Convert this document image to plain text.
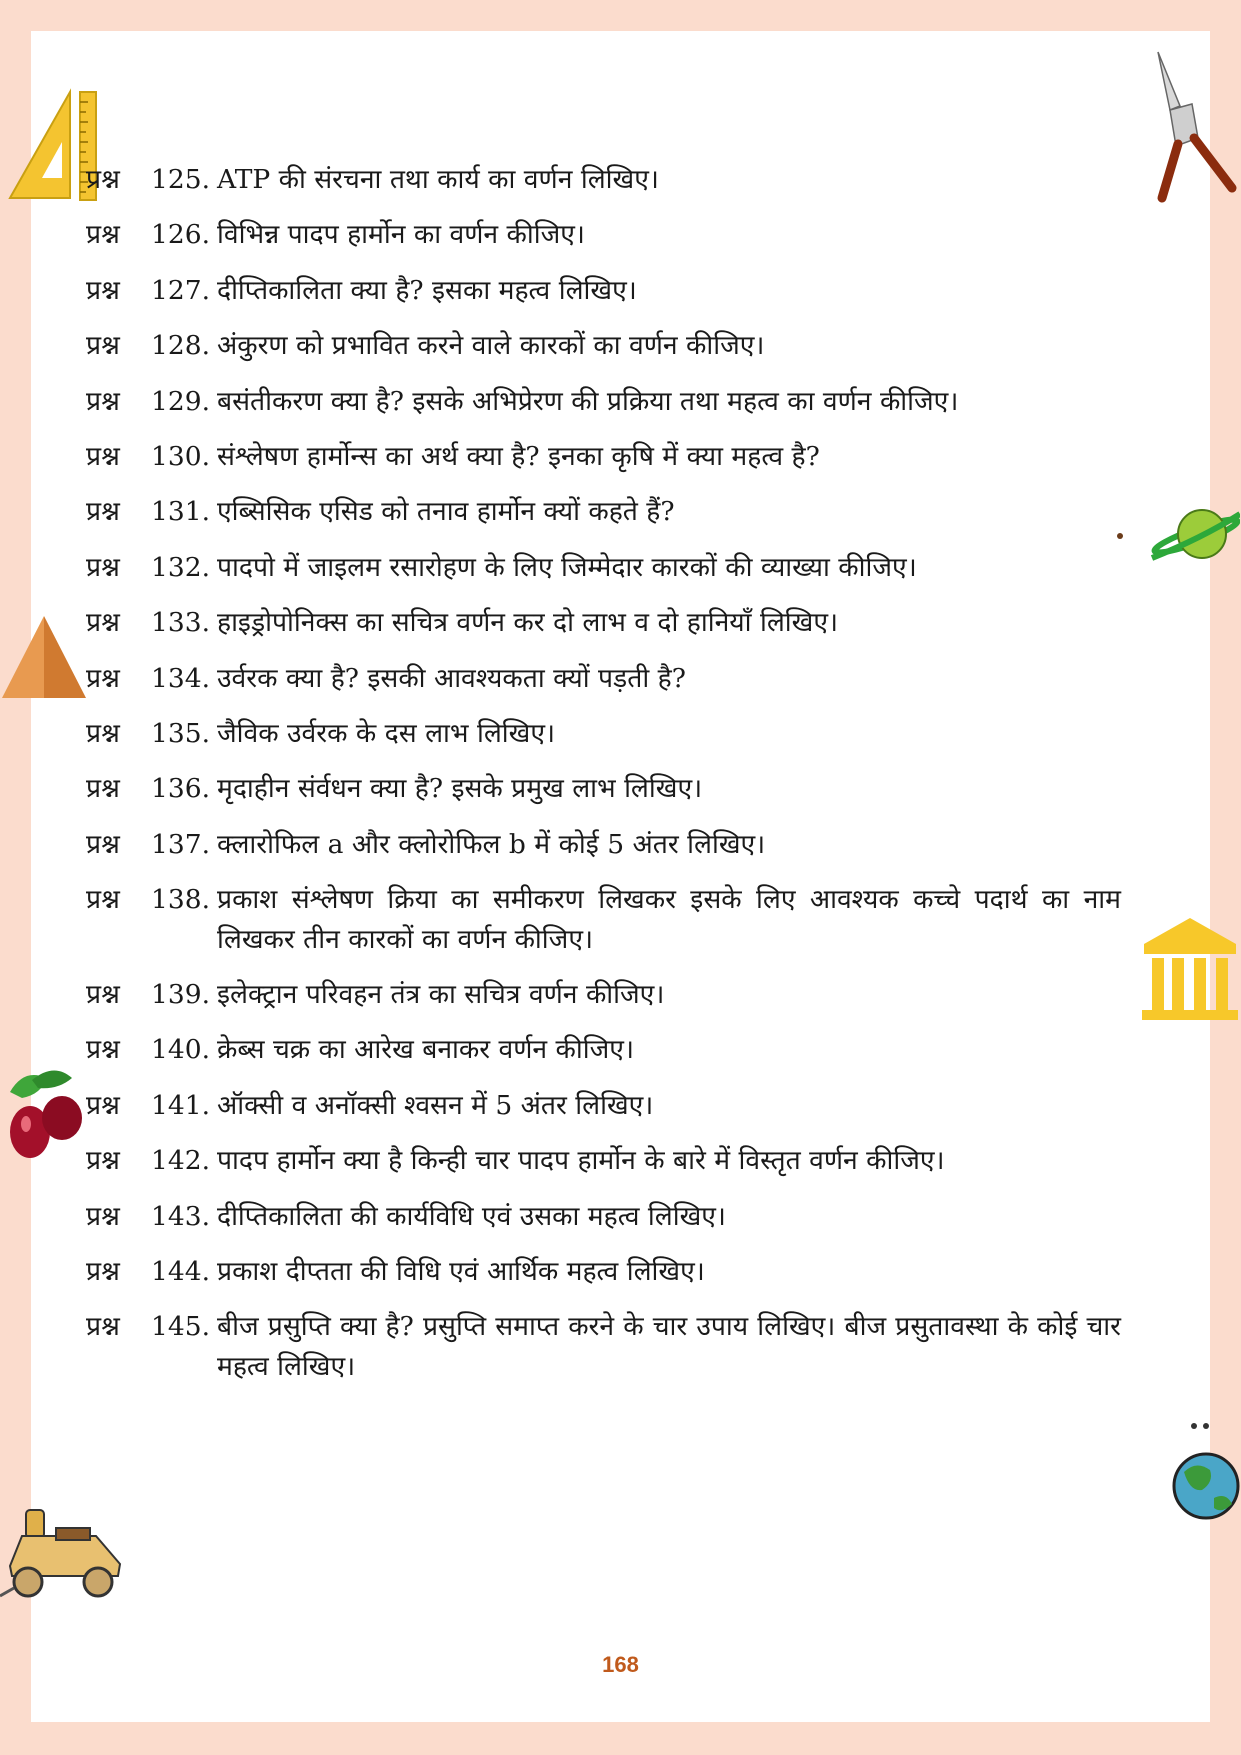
प्रश्न 125. ATP की संरचना तथा कार्य का वर्णन लिखिए।
प्रश्न 126. विभिन्न पादप हार्मोन का वर्णन कीजिए।
प्रश्न 127. दीप्तिकालिता क्या है? इसका महत्व लिखिए।
प्रश्न 128. अंकुरण को प्रभावित करने वाले कारकों का वर्णन कीजिए।
प्रश्न 129. बसंतीकरण क्या है? इसके अभिप्रेरण की प्रक्रिया तथा महत्व का वर्णन कीजिए।
प्रश्न 130. संश्लेषण हार्मोन्स का अर्थ क्या है? इनका कृषि में क्या महत्व है?
प्रश्न 131. एब्सिसिक एसिड को तनाव हार्मोन क्यों कहते हैं?
प्रश्न 132. पादपो में जाइलम रसारोहण के लिए जिम्मेदार कारकों की व्याख्या कीजिए।
प्रश्न 133. हाइड्रोपोनिक्स का सचित्र वर्णन कर दो लाभ व दो हानियाँ लिखिए।
प्रश्न 134. उर्वरक क्या है? इसकी आवश्यकता क्यों पड़ती है?
प्रश्न 135. जैविक उर्वरक के दस लाभ लिखिए।
प्रश्न 136. मृदाहीन संर्वधन क्या है? इसके प्रमुख लाभ लिखिए।
प्रश्न 137. क्लारोफिल a और क्लोरोफिल b में कोई 5 अंतर लिखिए।
प्रश्न 138. प्रकाश संश्लेषण क्रिया का समीकरण लिखकर इसके लिए आवश्यक कच्चे पदार्थ का नाम लिखकर तीन कारकों का वर्णन कीजिए।
प्रश्न 139. इलेक्ट्रान परिवहन तंत्र का सचित्र वर्णन कीजिए।
प्रश्न 140. क्रेब्स चक्र का आरेख बनाकर वर्णन कीजिए।
प्रश्न 141. ऑक्सी व अनॉक्सी श्वसन में 5 अंतर लिखिए।
प्रश्न 142. पादप हार्मोन क्या है किन्ही चार पादप हार्मोन के बारे में विस्तृत वर्णन कीजिए।
प्रश्न 143. दीप्तिकालिता की कार्यविधि एवं उसका महत्व लिखिए।
प्रश्न 144. प्रकाश दीप्तता की विधि एवं आर्थिक महत्व लिखिए।
प्रश्न 145. बीज प्रसुप्ति क्या है? प्रसुप्ति समाप्त करने के चार उपाय लिखिए। बीज प्रसुतावस्था के कोई चार महत्व लिखिए।
168
